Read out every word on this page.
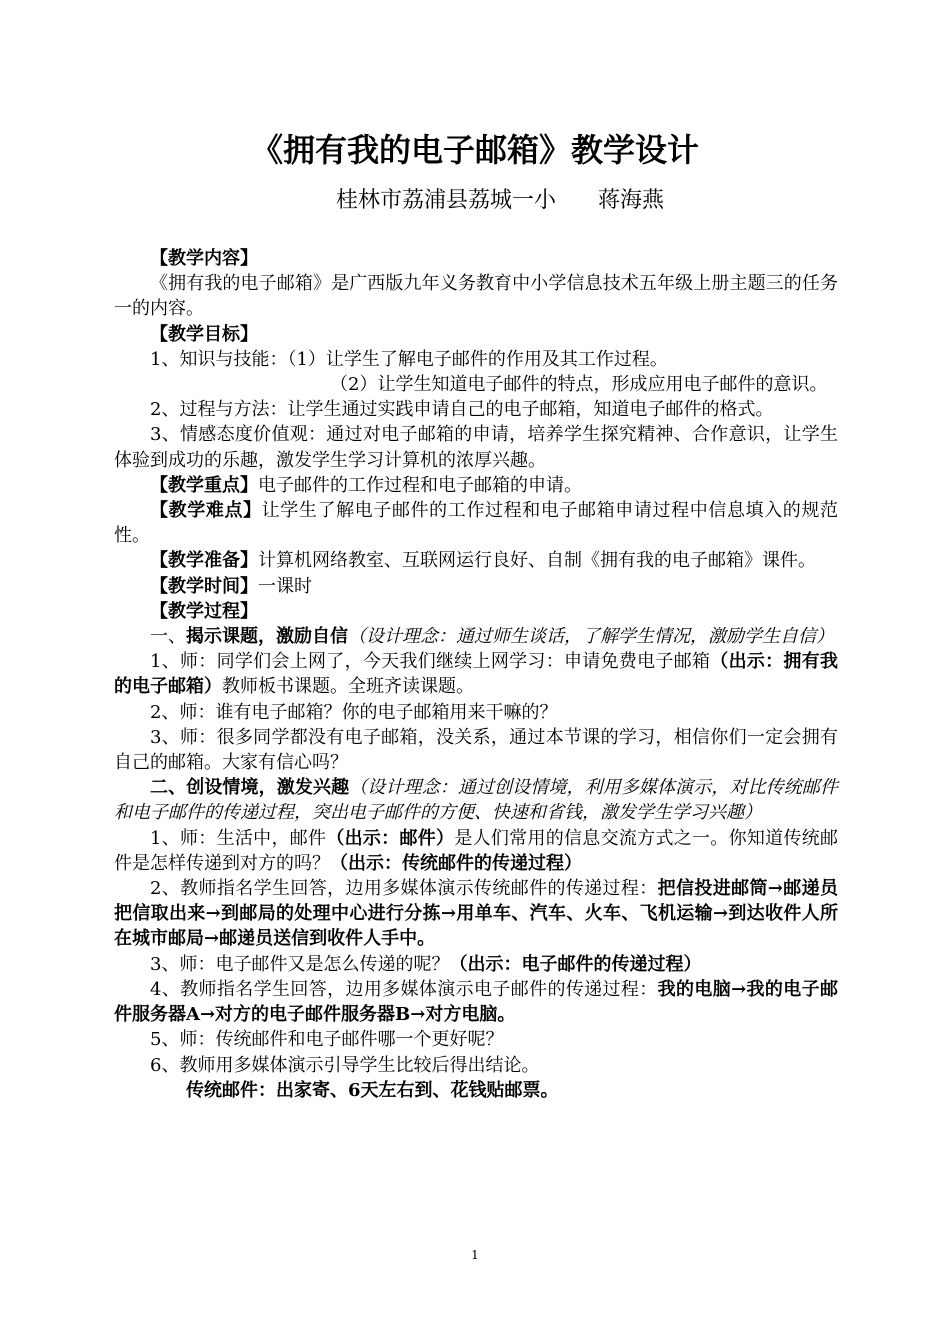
《拥有我的电子邮箱》教学设计
桂林市荔浦县荔城一小      蒋海燕

【教学内容】

《拥有我的电子邮箱》是广西版九年义务教育中小学信息技术五年级上册主题三的任务一的内容。

【教学目标】

1、知识与技能：（1）让学生了解电子邮件的作用及其工作过程。

（2）让学生知道电子邮件的特点，形成应用电子邮件的意识。

2、过程与方法：让学生通过实践申请自己的电子邮箱，知道电子邮件的格式。

3、情感态度价值观：通过对电子邮箱的申请，培养学生探究精神、合作意识，让学生体验到成功的乐趣，激发学生学习计算机的浓厚兴趣。

【教学重点】电子邮件的工作过程和电子邮箱的申请。

【教学难点】让学生了解电子邮件的工作过程和电子邮箱申请过程中信息填入的规范性。

【教学准备】计算机网络教室、互联网运行良好、自制《拥有我的电子邮箱》课件。

【教学时间】一课时

【教学过程】

一、揭示课题，激励自信（设计理念：通过师生谈话，了解学生情况，激励学生自信）

1、师：同学们会上网了，今天我们继续上网学习：申请免费电子邮箱（出示：拥有我的电子邮箱）教师板书课题。全班齐读课题。

2、师：谁有电子邮箱？你的电子邮箱用来干嘛的？

3、师：很多同学都没有电子邮箱，没关系，通过本节课的学习，相信你们一定会拥有自己的邮箱。大家有信心吗？

二、创设情境，激发兴趣（设计理念：通过创设情境，利用多媒体演示，对比传统邮件和电子邮件的传递过程，突出电子邮件的方便、快速和省钱，激发学生学习兴趣）

1、师：生活中，邮件（出示：邮件）是人们常用的信息交流方式之一。你知道传统邮件是怎样传递到对方的吗？（出示：传统邮件的传递过程）

2、教师指名学生回答，边用多媒体演示传统邮件的传递过程：把信投进邮筒→邮递员把信取出来→到邮局的处理中心进行分拣→用单车、汽车、火车、飞机运输→到达收件人所在城市邮局→邮递员送信到收件人手中。

3、师：电子邮件又是怎么传递的呢？（出示：电子邮件的传递过程）

4、教师指名学生回答，边用多媒体演示电子邮件的传递过程：我的电脑→我的电子邮件服务器A→对方的电子邮件服务器B→对方电脑。

5、师：传统邮件和电子邮件哪一个更好呢？

6、教师用多媒体演示引导学生比较后得出结论。

传统邮件：出家寄、6天左右到、花钱贴邮票。

1
